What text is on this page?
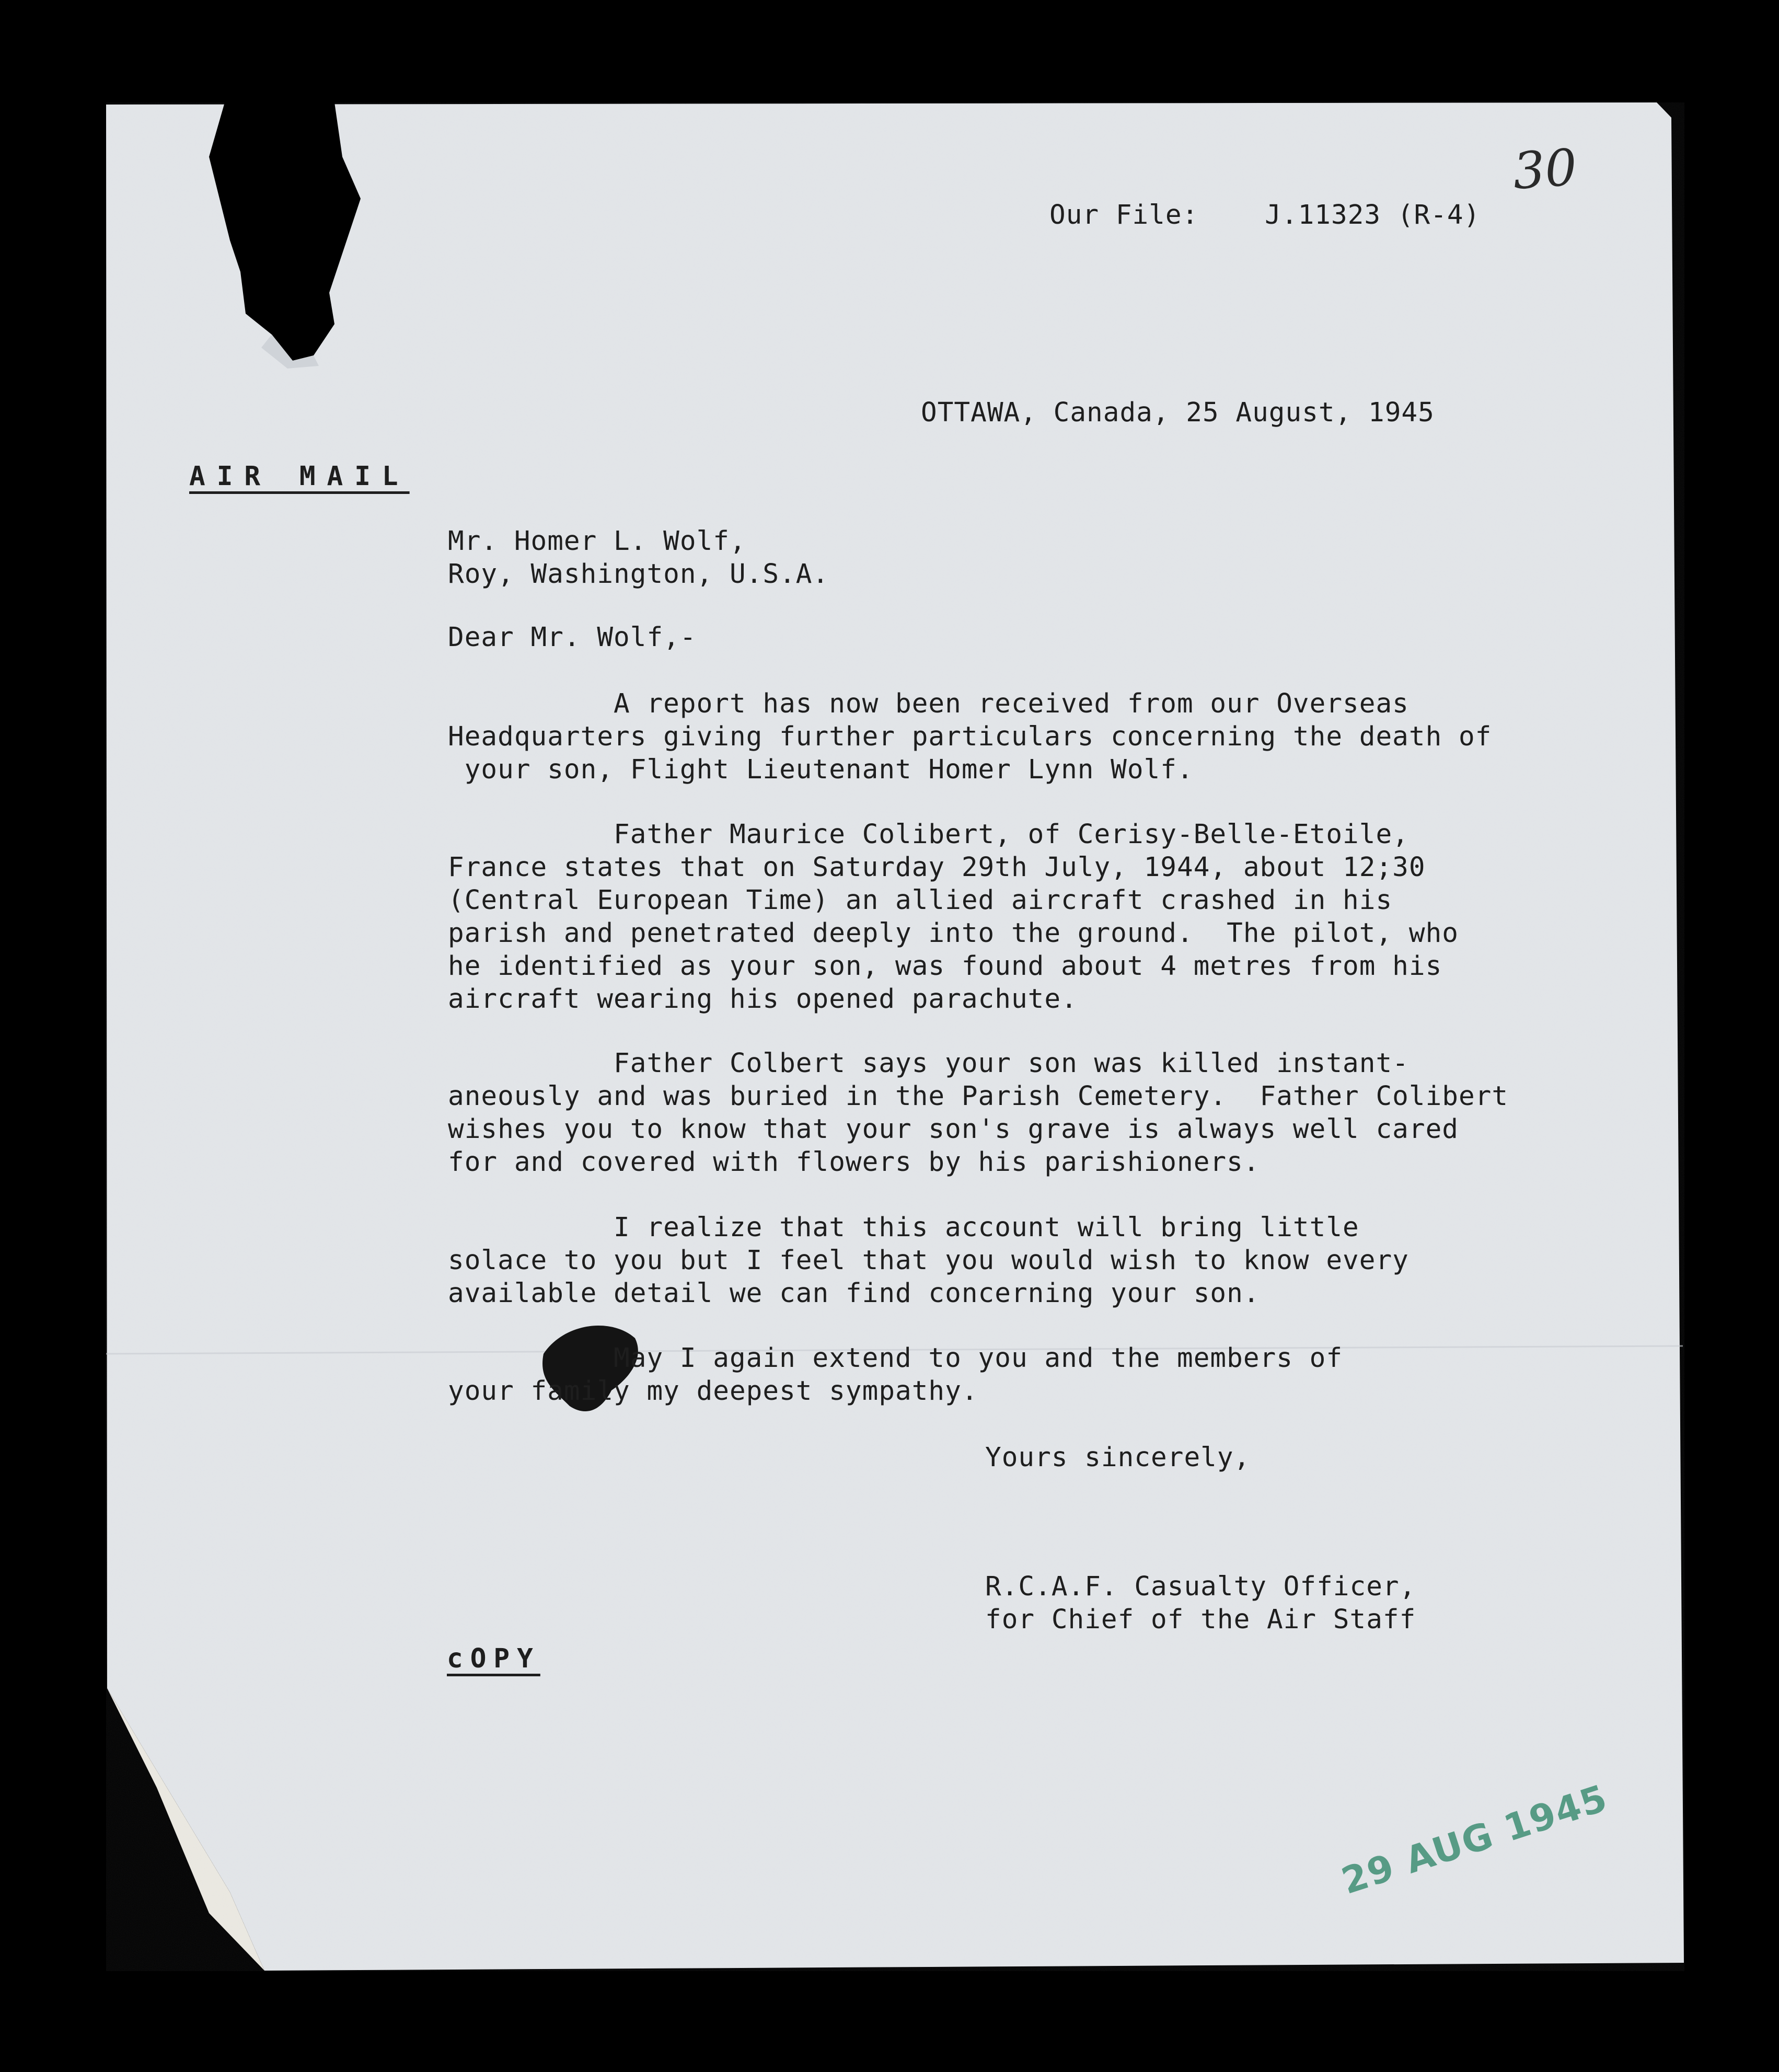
30
Our File:    J.11323 (R-4)
OTTAWA, Canada, 25 August, 1945
AIR MAIL
Mr. Homer L. Wolf,
Roy, Washington, U.S.A.
Dear Mr. Wolf,-
A report has now been received from our Overseas
Headquarters giving further particulars concerning the death of
your son, Flight Lieutenant Homer Lynn Wolf.
Father Maurice Colibert, of Cerisy-Belle-Etoile,
France states that on Saturday 29th July, 1944, about 12;30
(Central European Time) an allied aircraft crashed in his
parish and penetrated deeply into the ground.  The pilot, who
he identified as your son, was found about 4 metres from his
aircraft wearing his opened parachute.
Father Colbert says your son was killed instant-
aneously and was buried in the Parish Cemetery.  Father Colibert
wishes you to know that your son's grave is always well cared
for and covered with flowers by his parishioners.
I realize that this account will bring little
solace to you but I feel that you would wish to know every
available detail we can find concerning your son.
May I again extend to you and the members of
your family my deepest sympathy.
Yours sincerely,
R.C.A.F. Casualty Officer,
for Chief of the Air Staff
cOPY
29 AUG 1945
